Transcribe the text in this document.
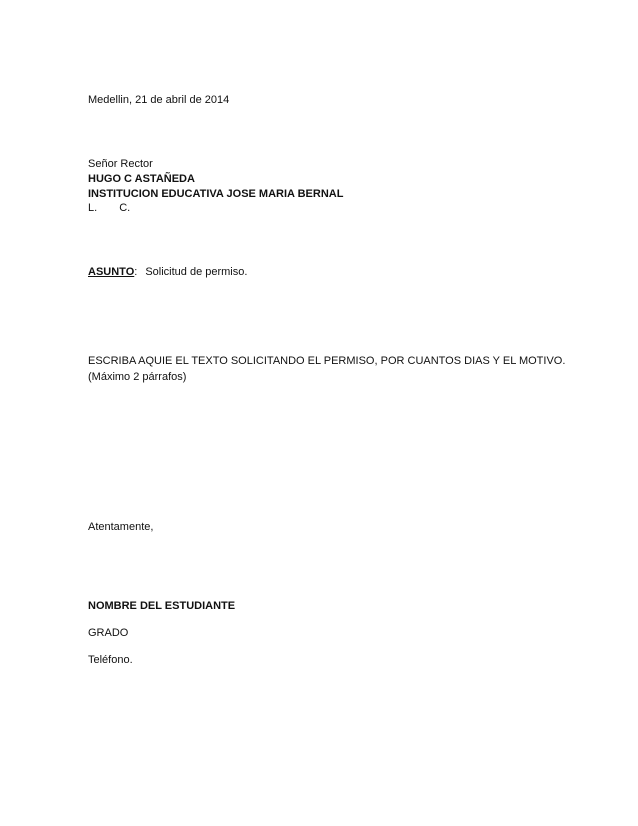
Medellin, 21 de abril de 2014
Señor Rector
HUGO C ASTAÑEDA
INSTITUCION EDUCATIVA JOSE MARIA BERNAL
L. C.
ASUNTO: Solicitud de permiso.
ESCRIBA AQUIE EL TEXTO SOLICITANDO EL PERMISO, POR CUANTOS DIAS Y EL MOTIVO. (Máximo 2 párrafos)
Atentamente,
NOMBRE DEL ESTUDIANTE
GRADO
Teléfono.
